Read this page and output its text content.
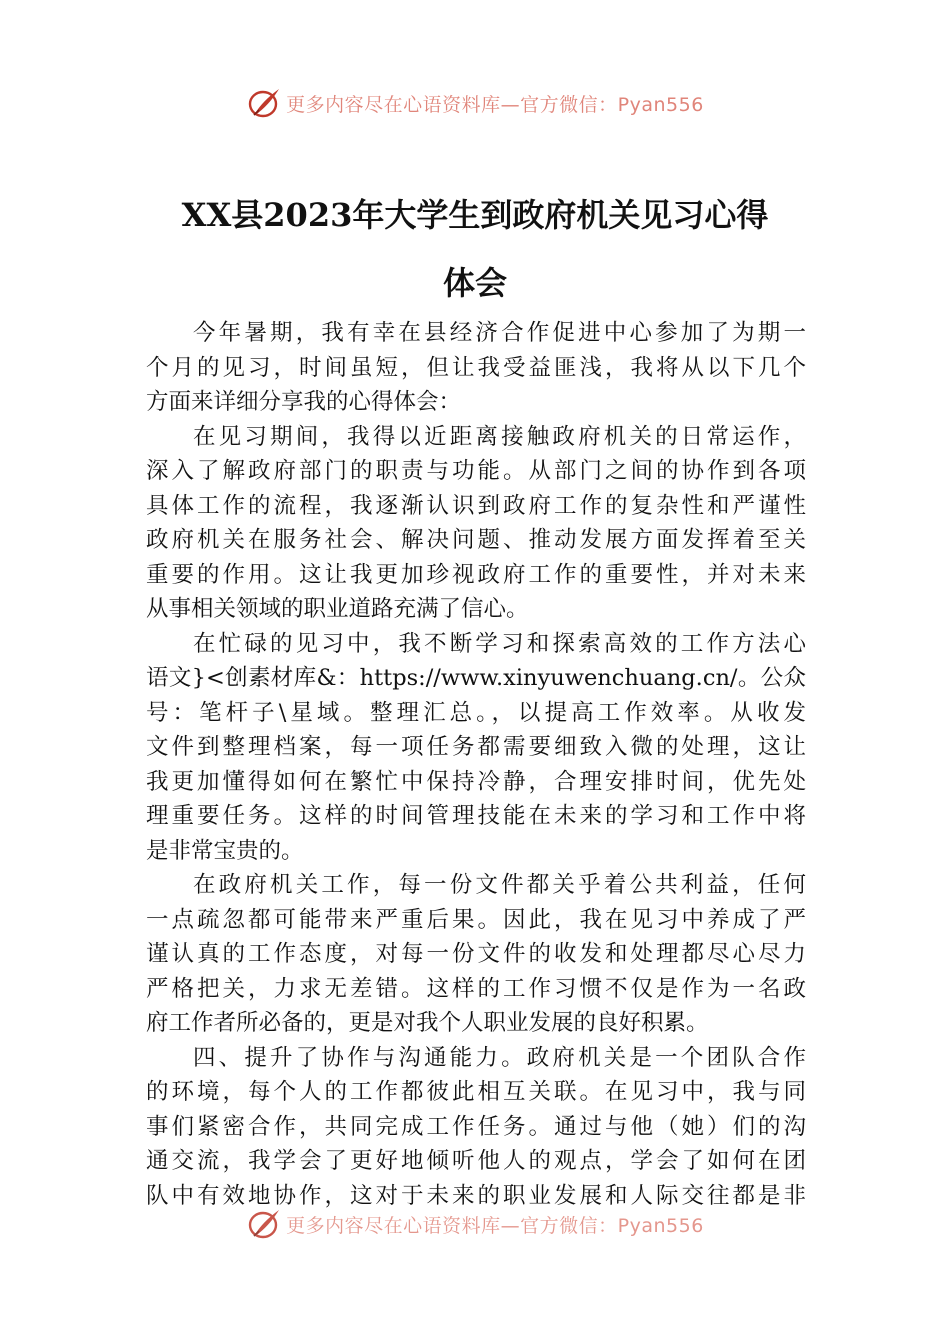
更多内容尽在心语资料库—官方微信：Pyan556
XX县2023年大学生到政府机关见习心得
体会
今年暑期，我有幸在县经济合作促进中心参加了为期一
个月的见习，时间虽短，但让我受益匪浅，我将从以下几个
方面来详细分享我的心得体会：
在见习期间，我得以近距离接触政府机关的日常运作，
深入了解政府部门的职责与功能。从部门之间的协作到各项
具体工作的流程，我逐渐认识到政府工作的复杂性和严谨性
政府机关在服务社会、解决问题、推动发展方面发挥着至关
重要的作用。这让我更加珍视政府工作的重要性，并对未来
从事相关领域的职业道路充满了信心。
在忙碌的见习中，我不断学习和探索高效的工作方法心
语文}<创素材库&：https://www.xinyuwenchuang.cn/。公众
号：笔杆子\星域。整理汇总。，以提高工作效率。从收发
文件到整理档案，每一项任务都需要细致入微的处理，这让
我更加懂得如何在繁忙中保持冷静，合理安排时间，优先处
理重要任务。这样的时间管理技能在未来的学习和工作中将
是非常宝贵的。
在政府机关工作，每一份文件都关乎着公共利益，任何
一点疏忽都可能带来严重后果。因此，我在见习中养成了严
谨认真的工作态度，对每一份文件的收发和处理都尽心尽力
严格把关，力求无差错。这样的工作习惯不仅是作为一名政
府工作者所必备的，更是对我个人职业发展的良好积累。
四、提升了协作与沟通能力。政府机关是一个团队合作
的环境，每个人的工作都彼此相互关联。在见习中，我与同
事们紧密合作，共同完成工作任务。通过与他（她）们的沟
通交流，我学会了更好地倾听他人的观点，学会了如何在团
队中有效地协作，这对于未来的职业发展和人际交往都是非
更多内容尽在心语资料库—官方微信：Pyan556
